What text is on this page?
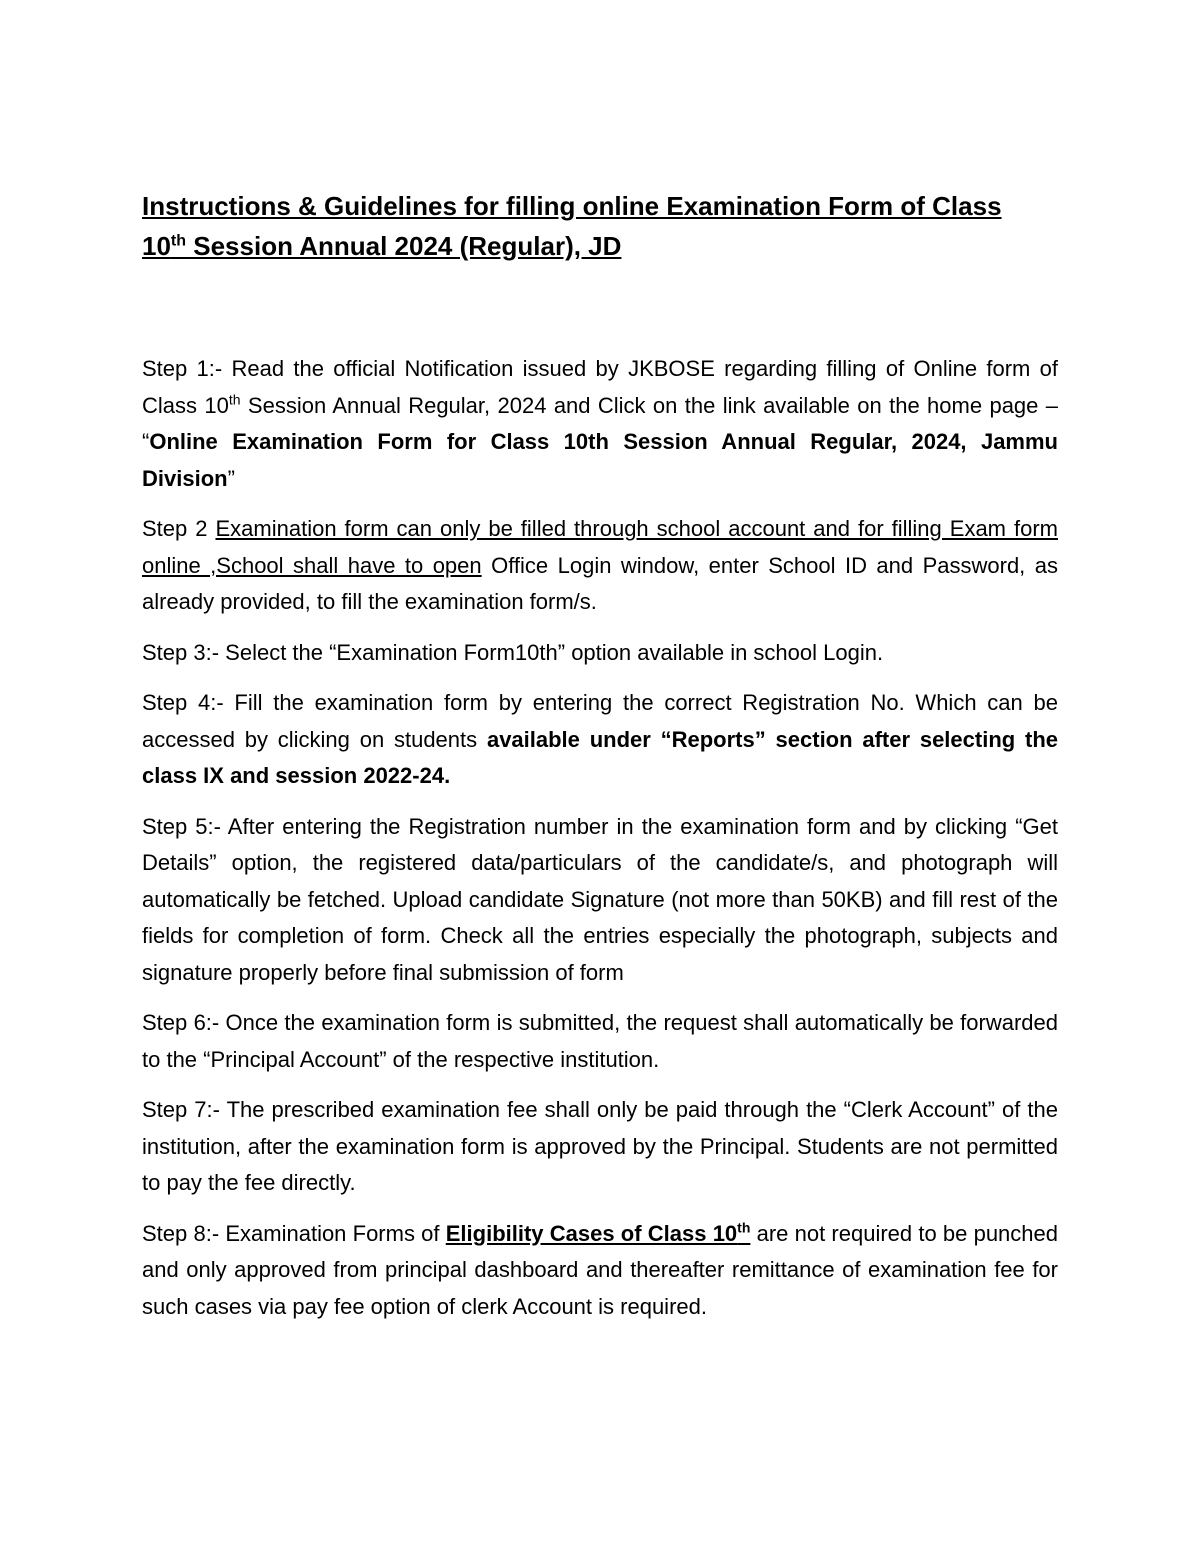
Instructions & Guidelines for filling online Examination Form of Class
10th Session Annual 2024 (Regular), JD

Step 1:- Read the official Notification issued by JKBOSE regarding filling of Online form of Class 10th Session Annual Regular, 2024 and Click on the link available on the home page – “Online Examination Form for Class 10th Session Annual Regular, 2024, Jammu Division”

Step 2 Examination form can only be filled through school account and for filling Exam form online ,School shall have to open Office Login window, enter School ID and Password, as already provided, to fill the examination form/s.

Step 3:- Select the “Examination Form10th” option available in school Login.

Step 4:- Fill the examination form by entering the correct Registration No. Which can be accessed by clicking on students available under “Reports” section after selecting the class IX and session 2022-24.

Step 5:- After entering the Registration number in the examination form and by clicking “Get Details” option, the registered data/particulars of the candidate/s, and photograph will automatically be fetched. Upload candidate Signature (not more than 50KB) and fill rest of the fields for completion of form. Check all the entries especially the photograph, subjects and signature properly before final submission of form

Step 6:- Once the examination form is submitted, the request shall automatically be forwarded to the “Principal Account” of the respective institution.

Step 7:- The prescribed examination fee shall only be paid through the “Clerk Account” of the institution, after the examination form is approved by the Principal. Students are not permitted to pay the fee directly.

Step 8:- Examination Forms of Eligibility Cases of Class 10th are not required to be punched and only approved from principal dashboard and thereafter remittance of examination fee for such cases via pay fee option of clerk Account is required.
